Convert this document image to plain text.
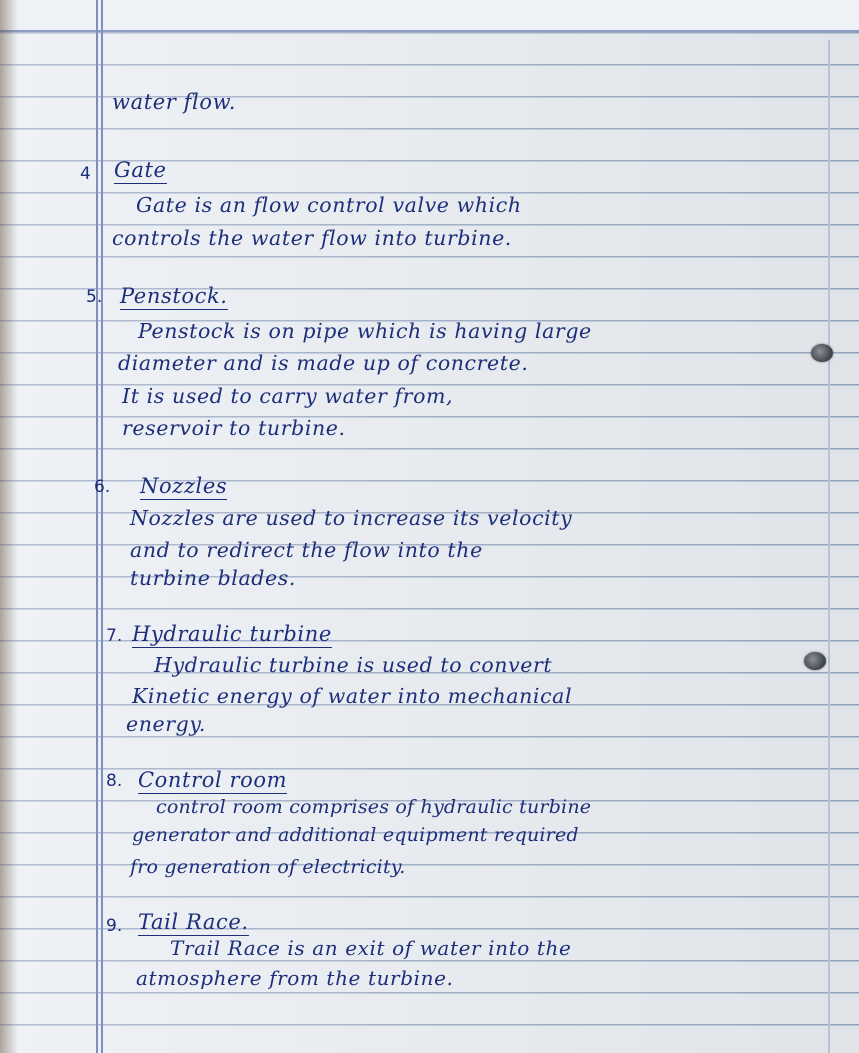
water flow.
4 Gate
Gate is an flow control valve which
controls the water flow into turbine.
5. Penstock.
Penstock is on pipe which is having large
diameter and is made up of concrete.
It is used to carry water from,
reservoir to turbine.
6. Nozzles
Nozzles are used to increase its velocity
and to redirect the flow into the
turbine blades.
7. Hydraulic turbine
Hydraulic turbine is used to convert
Kinetic energy of water into mechanical
energy.
8. Control room
control room comprises of hydraulic turbine
generator and additional equipment required
fro generation of electricity.
9. Tail Race.
Trail Race is an exit of water into the
atmosphere from the turbine.
